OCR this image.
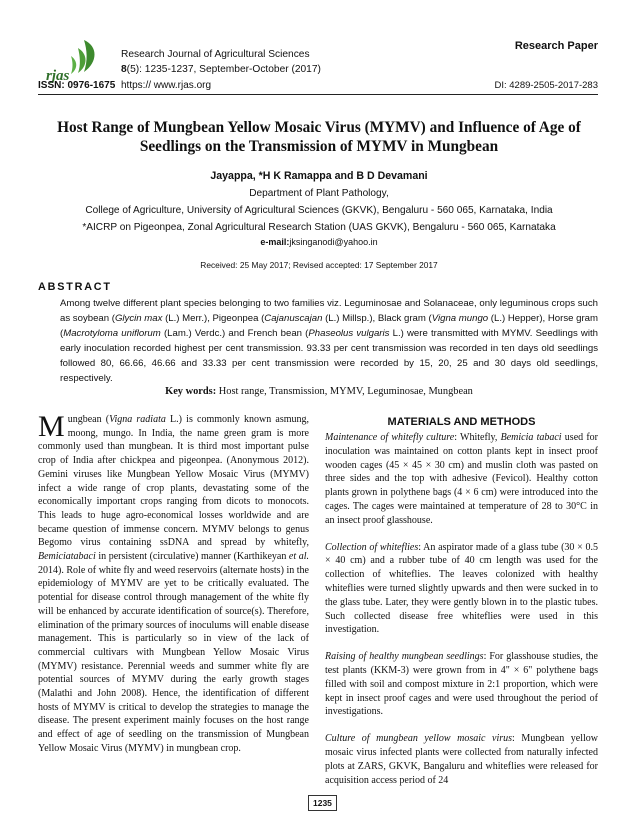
rjas
Research Journal of Agricultural Sciences
8(5): 1235-1237, September-October (2017)
Research Paper
ISSN: 0976-1675 https:// www.rjas.org	DI: 4289-2505-2017-283
Host Range of Mungbean Yellow Mosaic Virus (MYMV) and Influence of Age of Seedlings on the Transmission of MYMV in Mungbean
Jayappa, *H K Ramappa and B D Devamani
Department of Plant Pathology,
College of Agriculture, University of Agricultural Sciences (GKVK), Bengaluru - 560 065, Karnataka, India
*AICRP on Pigeonpea, Zonal Agricultural Research Station (UAS GKVK), Bengaluru - 560 065, Karnataka
e-mail:jksinganodi@yahoo.in
Received: 25 May 2017; Revised accepted: 17 September 2017
ABSTRACT

Among twelve different plant species belonging to two families viz. Leguminosae and Solanaceae, only leguminous crops such as soybean (Glycin max (L.) Merr.), Pigeonpea (Cajanuscajan (L.) Millsp.), Black gram (Vigna mungo (L.) Hepper), Horse gram (Macrotyloma uniflorum (Lam.) Verdc.) and French bean (Phaseolus vulgaris L.) were transmitted with MYMV. Seedlings with early inoculation recorded highest per cent transmission. 93.33 per cent transmission was recorded in ten days old seedlings followed 80, 66.66, 46.66 and 33.33 per cent transmission were recorded by 15, 20, 25 and 30 days old seedlings, respectively.

Key words: Host range, Transmission, MYMV, Leguminosae, Mungbean

Mungbean (Vigna radiata L.) is commonly known asmung, moong, mungo. In India, the name green gram is more commonly used than mungbean. It is third most important pulse crop of India after chickpea and pigeonpea. (Anonymous 2012). Gemini viruses like Mungbean Yellow Mosaic Virus (MYMV) infect a wide range of crop plants, devastating some of the economically important crops ranging from dicots to monocots. This leads to huge agro-economical losses worldwide and are became question of immense concern. MYMV belongs to genus Begomo virus containing ssDNA and spread by whitefly, Bemiciatabaci in persistent (circulative) manner (Karthikeyan et al. 2014). Role of white fly and weed reservoirs (alternate hosts) in the epidemiology of MYMV are yet to be critically evaluated. The potential for disease control through management of the white fly will be enhanced by accurate identification of source(s). Therefore, elimination of the primary sources of inoculums will enable disease management. This is particularly so in view of the lack of commercial cultivars with Mungbean Yellow Mosaic Virus (MYMV) resistance. Perennial weeds and summer white fly are potential sources of MYMV during the early growth stages (Malathi and John 2008). Hence, the identification of different hosts of MYMV is critical to develop the strategies to manage the disease. The present experiment mainly focuses on the host range and effect of age of seedling on the transmission of Mungbean Yellow Mosaic Virus (MYMV) in mungbean crop.

MATERIALS AND METHODS

Maintenance of whitefly culture: Whitefly, Bemicia tabaci used for inoculation was maintained on cotton plants kept in insect proof wooden cages (45 × 45 × 30 cm) and muslin cloth was pasted on three sides and the top with adhesive (Fevicol). Healthy cotton plants grown in polythene bags (4 × 6 cm) were introduced into the cages. The cages were maintained at temperature of 28 to 30°C in an insect proof glasshouse.

Collection of whiteflies: An aspirator made of a glass tube (30 × 0.5 × 40 cm) and a rubber tube of 40 cm length was used for the collection of whiteflies. The leaves colonized with healthy whiteflies were turned slightly upwards and then were sucked in to the glass tube. Later, they were gently blown in to the plastic tubes. Such collected disease free whiteflies were used in this investigation.

Raising of healthy mungbean seedlings: For glasshouse studies, the test plants (KKM-3) were grown from in 4" × 6" polythene bags filled with soil and compost mixture in 2:1 proportion, which were kept in insect proof cages and were used throughout the period of investigations.

Culture of mungbean yellow mosaic virus: Mungbean yellow mosaic virus infected plants were collected from naturally infected plots at ZARS, GKVK, Bangaluru and whiteflies were released for acquisition access period of 24

1235
